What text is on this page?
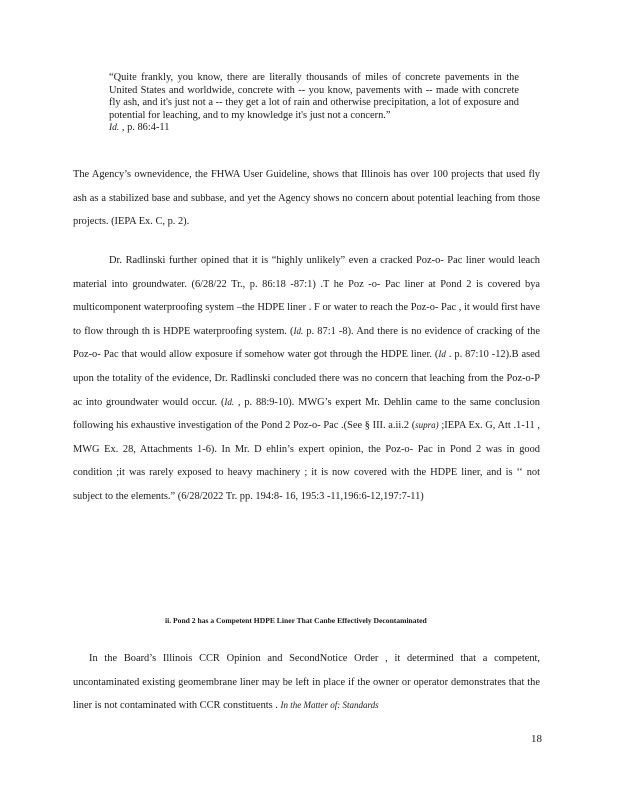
“Quite frankly, you know, there are literally thousands of miles of concrete pavements in the United States and worldwide, concrete with -- you know, pavements with -- made with concrete fly ash, and it's just not a -- they get a lot of rain and otherwise precipitation, a lot of exposure and potential for leaching, and to my knowledge it's just not a concern.”
Id. , p. 86:4-11

The Agency’s ownevidence, the FHWA User Guideline, shows that Illinois has over 100 projects that used fly ash as a stabilized base and subbase, and yet the Agency shows no concern about potential leaching from those projects. (IEPA Ex. C, p. 2).

Dr. Radlinski further opined that it is “highly unlikely” even a cracked Poz-o- Pac liner would leach material into groundwater. (6/28/22 Tr., p. 86:18 -87:1) .T he Poz -o- Pac liner at Pond 2 is covered bya multicomponent waterproofing system –the HDPE liner . F or water to reach the Poz-o- Pac , it would first have to flow through th is HDPE waterproofing system. (Id. p. 87:1 -8). And there is no evidence of cracking of the Poz-o- Pac that would allow exposure if somehow water got through the HDPE liner. (Id . p. 87:10 -12).B ased upon the totality of the evidence, Dr. Radlinski concluded there was no concern that leaching from the Poz-o-P ac into groundwater would occur. (Id. , p. 88:9-10). MWG’s expert Mr. Dehlin came to the same conclusion following his exhaustive investigation of the Pond 2 Poz-o- Pac .(See § III. a.ii.2 (supra) ;IEPA Ex. G, Att .1-11 , MWG Ex. 28, Attachments 1-6). In Mr. D ehlin’s expert opinion, the Poz-o- Pac in Pond 2 was in good condition ;it was rarely exposed to heavy machinery ; it is now covered with the HDPE liner, and is ‘‘ not subject to the elements.” (6/28/2022 Tr. pp. 194:8- 16, 195:3 -11,196:6-12,197:7-11)

ii. Pond 2 has a Competent HDPE Liner That Canbe Effectively Decontaminated

In the Board’s Illinois CCR Opinion and SecondNotice Order , it determined that a competent, uncontaminated existing geomembrane liner may be left in place if the owner or operator demonstrates that the liner is not contaminated with CCR constituents . In the Matter of: Standards

18
